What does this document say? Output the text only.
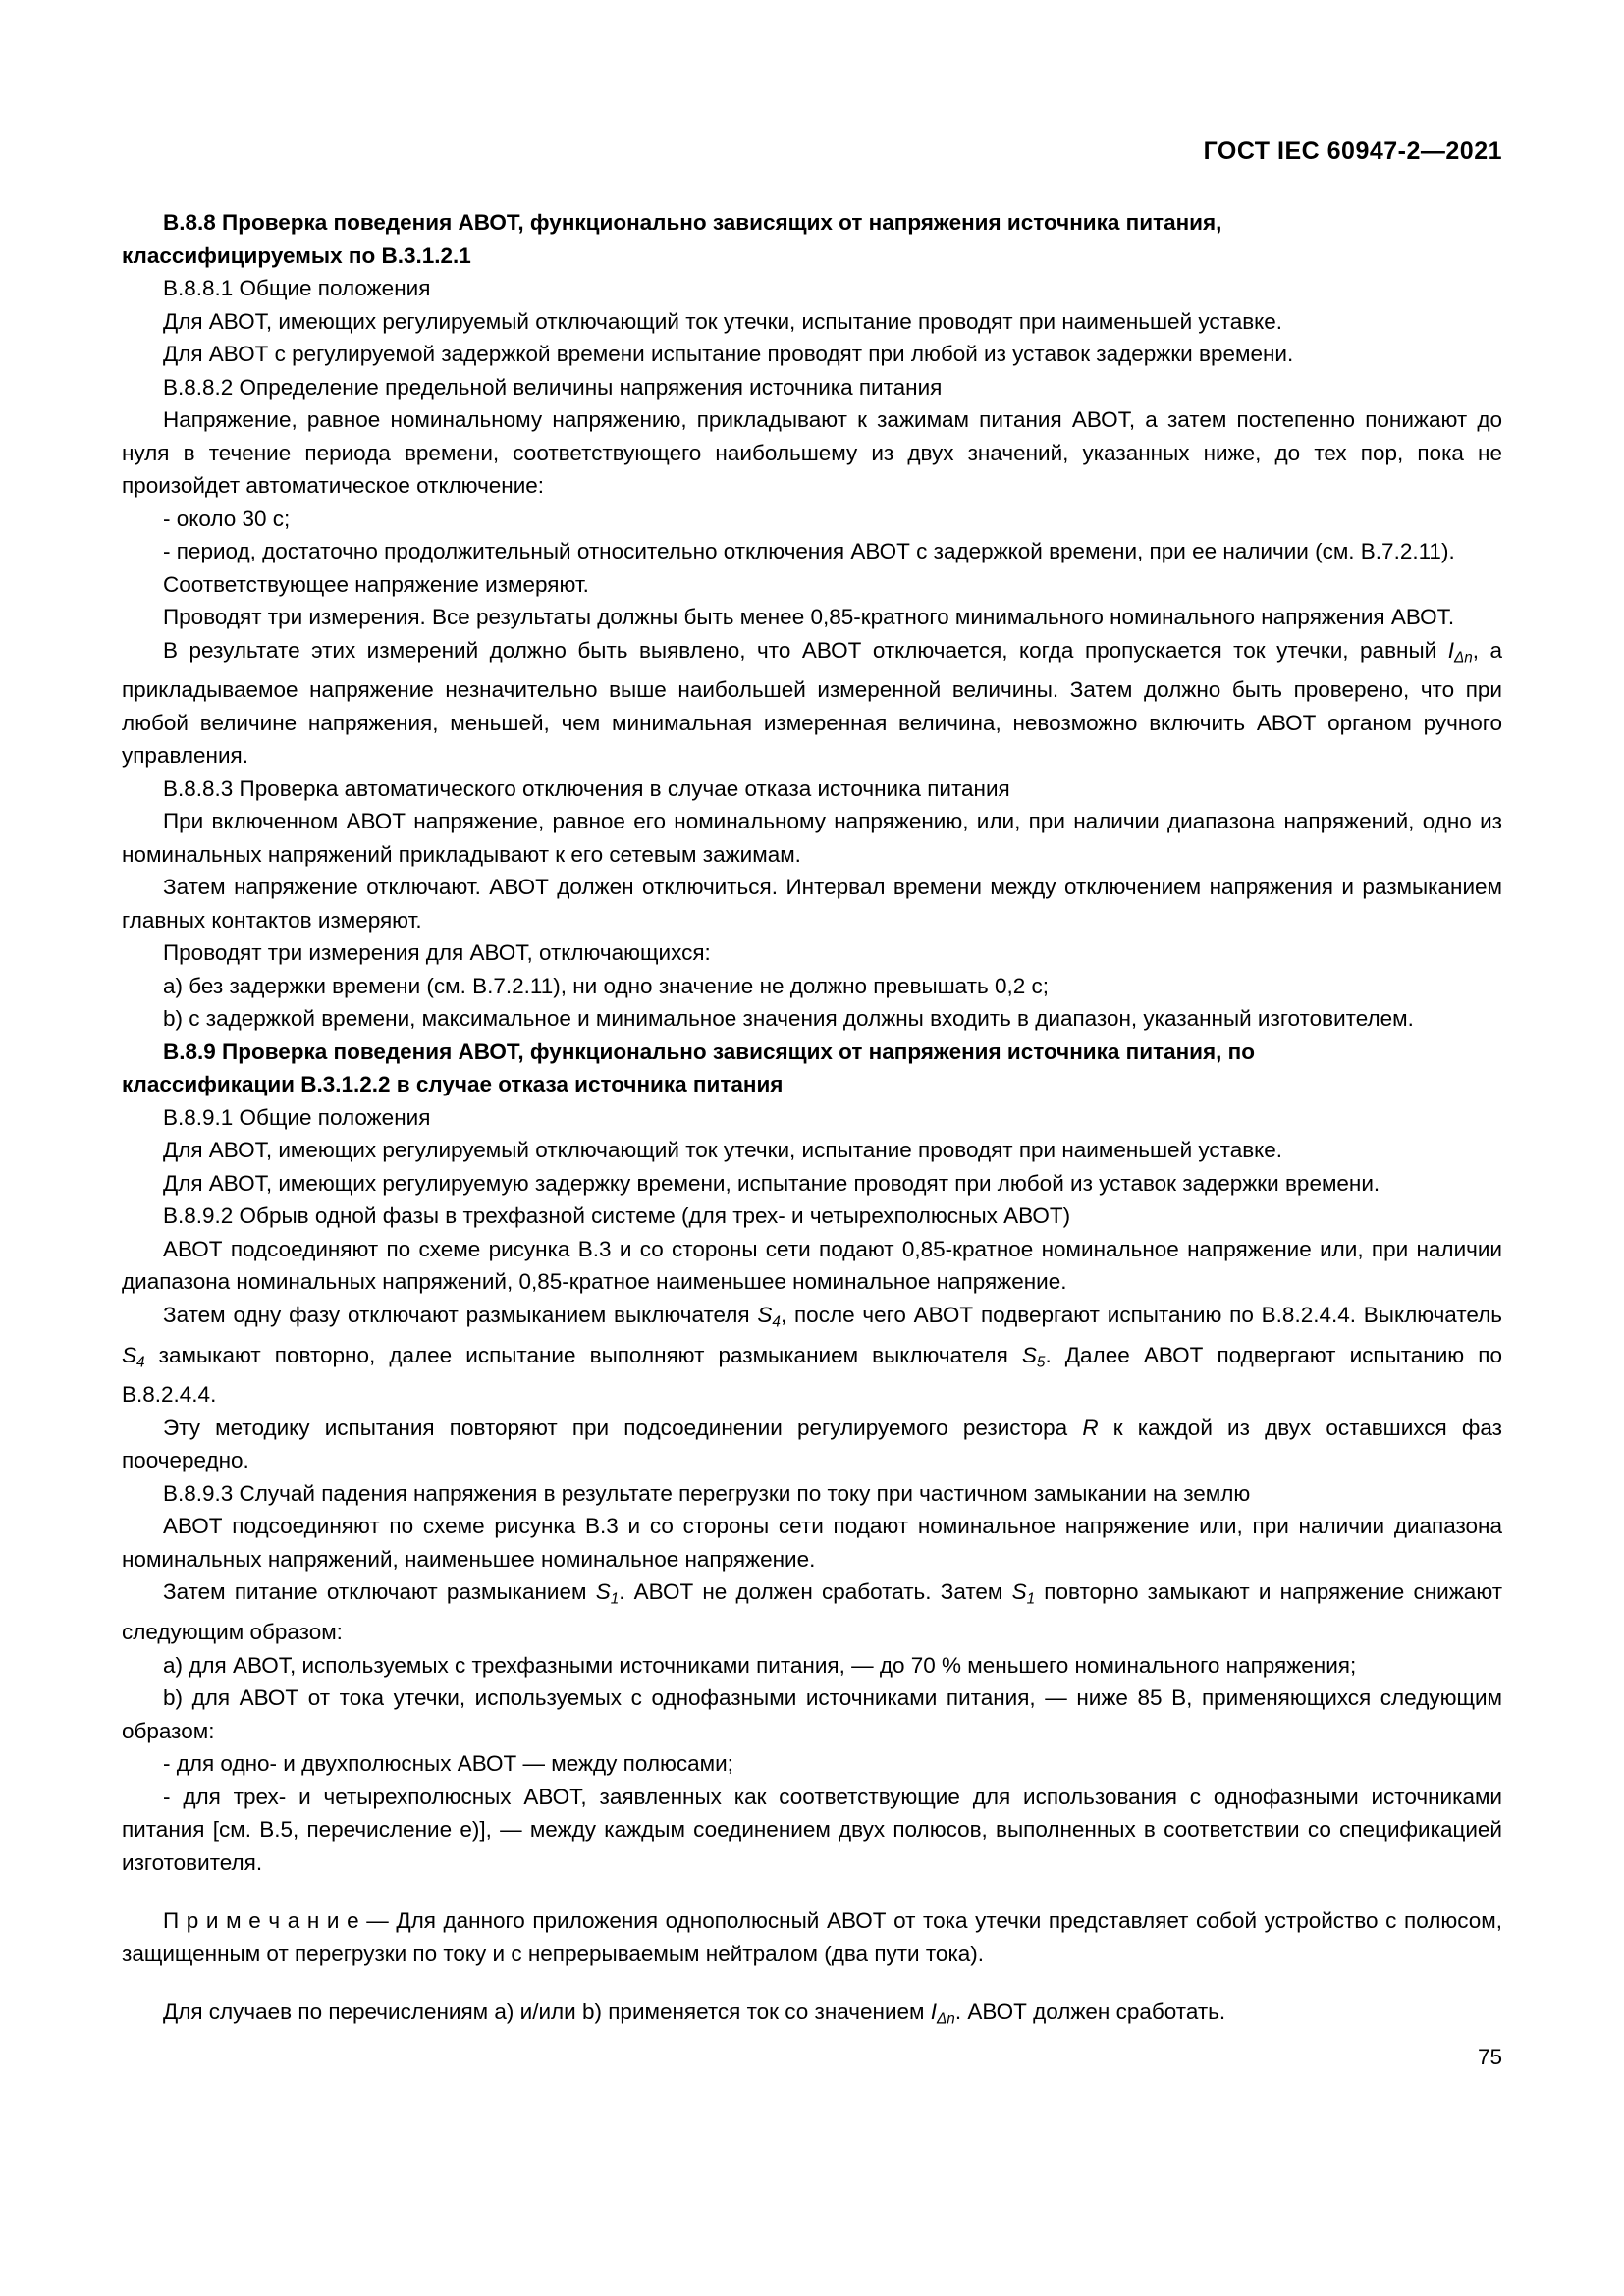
ГОСТ IEC 60947-2—2021

B.8.8 Проверка поведения АВОТ, функционально зависящих от напряжения источника питания,

классифицируемых по B.3.1.2.1

B.8.8.1 Общие положения

Для АВОТ, имеющих регулируемый отключающий ток утечки, испытание проводят при наименьшей уставке.

Для АВОТ с регулируемой задержкой времени испытание проводят при любой из уставок задержки времени.

B.8.8.2 Определение предельной величины напряжения источника питания

Напряжение, равное номинальному напряжению, прикладывают к зажимам питания АВОТ, а затем постепенно понижают до нуля в течение периода времени, соответствующего наибольшему из двух значений, указанных ниже, до тех пор, пока не произойдет автоматическое отключение:

- около 30 с;

- период, достаточно продолжительный относительно отключения АВОТ с задержкой времени, при ее наличии (см. B.7.2.11).

Соответствующее напряжение измеряют.

Проводят три измерения. Все результаты должны быть менее 0,85-кратного минимального номинального напряжения АВОТ.

В результате этих измерений должно быть выявлено, что АВОТ отключается, когда пропускается ток утечки, равный $I_{\Delta n}$, а прикладываемое напряжение незначительно выше наибольшей измеренной величины. Затем должно быть проверено, что при любой величине напряжения, меньшей, чем минимальная измеренная величина, невозможно включить АВОТ органом ручного управления.

B.8.8.3 Проверка автоматического отключения в случае отказа источника питания

При включенном АВОТ напряжение, равное его номинальному напряжению, или, при наличии диапазона напряжений, одно из номинальных напряжений прикладывают к его сетевым зажимам.

Затем напряжение отключают. АВОТ должен отключиться. Интервал времени между отключением напряжения и размыканием главных контактов измеряют.

Проводят три измерения для АВОТ, отключающихся:

a) без задержки времени (см. B.7.2.11), ни одно значение не должно превышать 0,2 с;

b) с задержкой времени, максимальное и минимальное значения должны входить в диапазон, указанный изготовителем.

B.8.9 Проверка поведения АВОТ, функционально зависящих от напряжения источника питания, по

классификации B.3.1.2.2 в случае отказа источника питания

B.8.9.1 Общие положения

Для АВОТ, имеющих регулируемый отключающий ток утечки, испытание проводят при наименьшей уставке.

Для АВОТ, имеющих регулируемую задержку времени, испытание проводят при любой из уставок задержки времени.

B.8.9.2 Обрыв одной фазы в трехфазной системе (для трех- и четырехполюсных АВОТ)

АВОТ подсоединяют по схеме рисунка B.3 и со стороны сети подают 0,85-кратное номинальное напряжение или, при наличии диапазона номинальных напряжений, 0,85-кратное наименьшее номинальное напряжение.

Затем одну фазу отключают размыканием выключателя $S_4$, после чего АВОТ подвергают испытанию по B.8.2.4.4. Выключатель $S_4$ замыкают повторно, далее испытание выполняют размыканием выключателя $S_5$. Далее АВОТ подвергают испытанию по B.8.2.4.4.

Эту методику испытания повторяют при подсоединении регулируемого резистора R к каждой из двух оставшихся фаз поочередно.

B.8.9.3 Случай падения напряжения в результате перегрузки по току при частичном замыкании на землю

АВОТ подсоединяют по схеме рисунка B.3 и со стороны сети подают номинальное напряжение или, при наличии диапазона номинальных напряжений, наименьшее номинальное напряжение.

Затем питание отключают размыканием $S_1$. АВОТ не должен сработать. Затем $S_1$ повторно замыкают и напряжение снижают следующим образом:

a) для АВОТ, используемых с трехфазными источниками питания, — до 70 % меньшего номинального напряжения;

b) для АВОТ от тока утечки, используемых с однофазными источниками питания, — ниже 85 В, применяющихся следующим образом:

- для одно- и двухполюсных АВОТ — между полюсами;

- для трех- и четырехполюсных АВОТ, заявленных как соответствующие для использования с однофазными источниками питания [см. B.5, перечисление e)], — между каждым соединением двух полюсов, выполненных в соответствии со спецификацией изготовителя.

П р и м е ч а н и е — Для данного приложения однополюсный АВОТ от тока утечки представляет собой устройство с полюсом, защищенным от перегрузки по току и с непрерываемым нейтралом (два пути тока).

Для случаев по перечислениям a) и/или b) применяется ток со значением $I_{\Delta n}$. АВОТ должен сработать.

75
